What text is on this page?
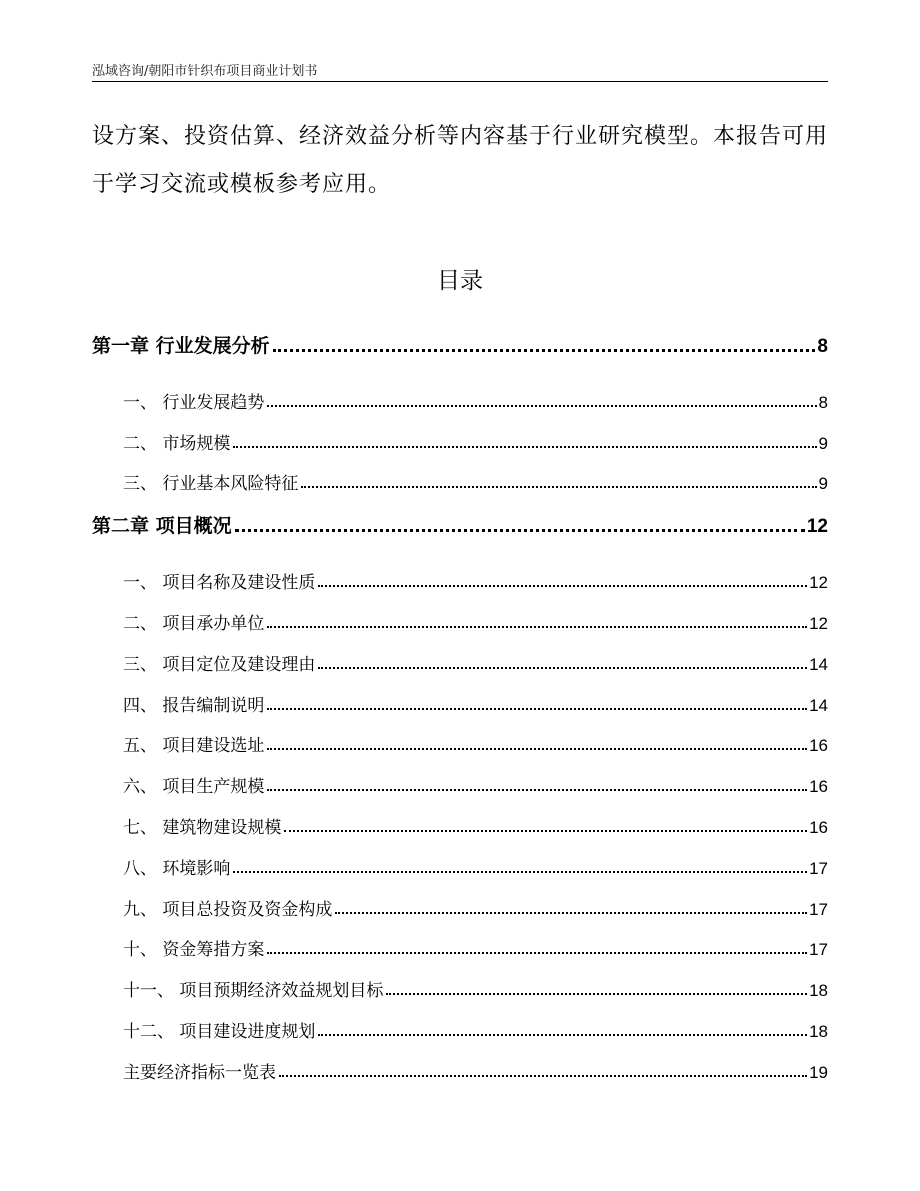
泓域咨询/朝阳市针织布项目商业计划书
设方案、投资估算、经济效益分析等内容基于行业研究模型。本报告可用于学习交流或模板参考应用。
目录
第一章 行业发展分析	8
一、 行业发展趋势	8
二、 市场规模	9
三、 行业基本风险特征	9
第二章 项目概况	12
一、 项目名称及建设性质	12
二、 项目承办单位	12
三、 项目定位及建设理由	14
四、 报告编制说明	14
五、 项目建设选址	16
六、 项目生产规模	16
七、 建筑物建设规模	16
八、 环境影响	17
九、 项目总投资及资金构成	17
十、 资金筹措方案	17
十一、 项目预期经济效益规划目标	18
十二、 项目建设进度规划	18
主要经济指标一览表	19
